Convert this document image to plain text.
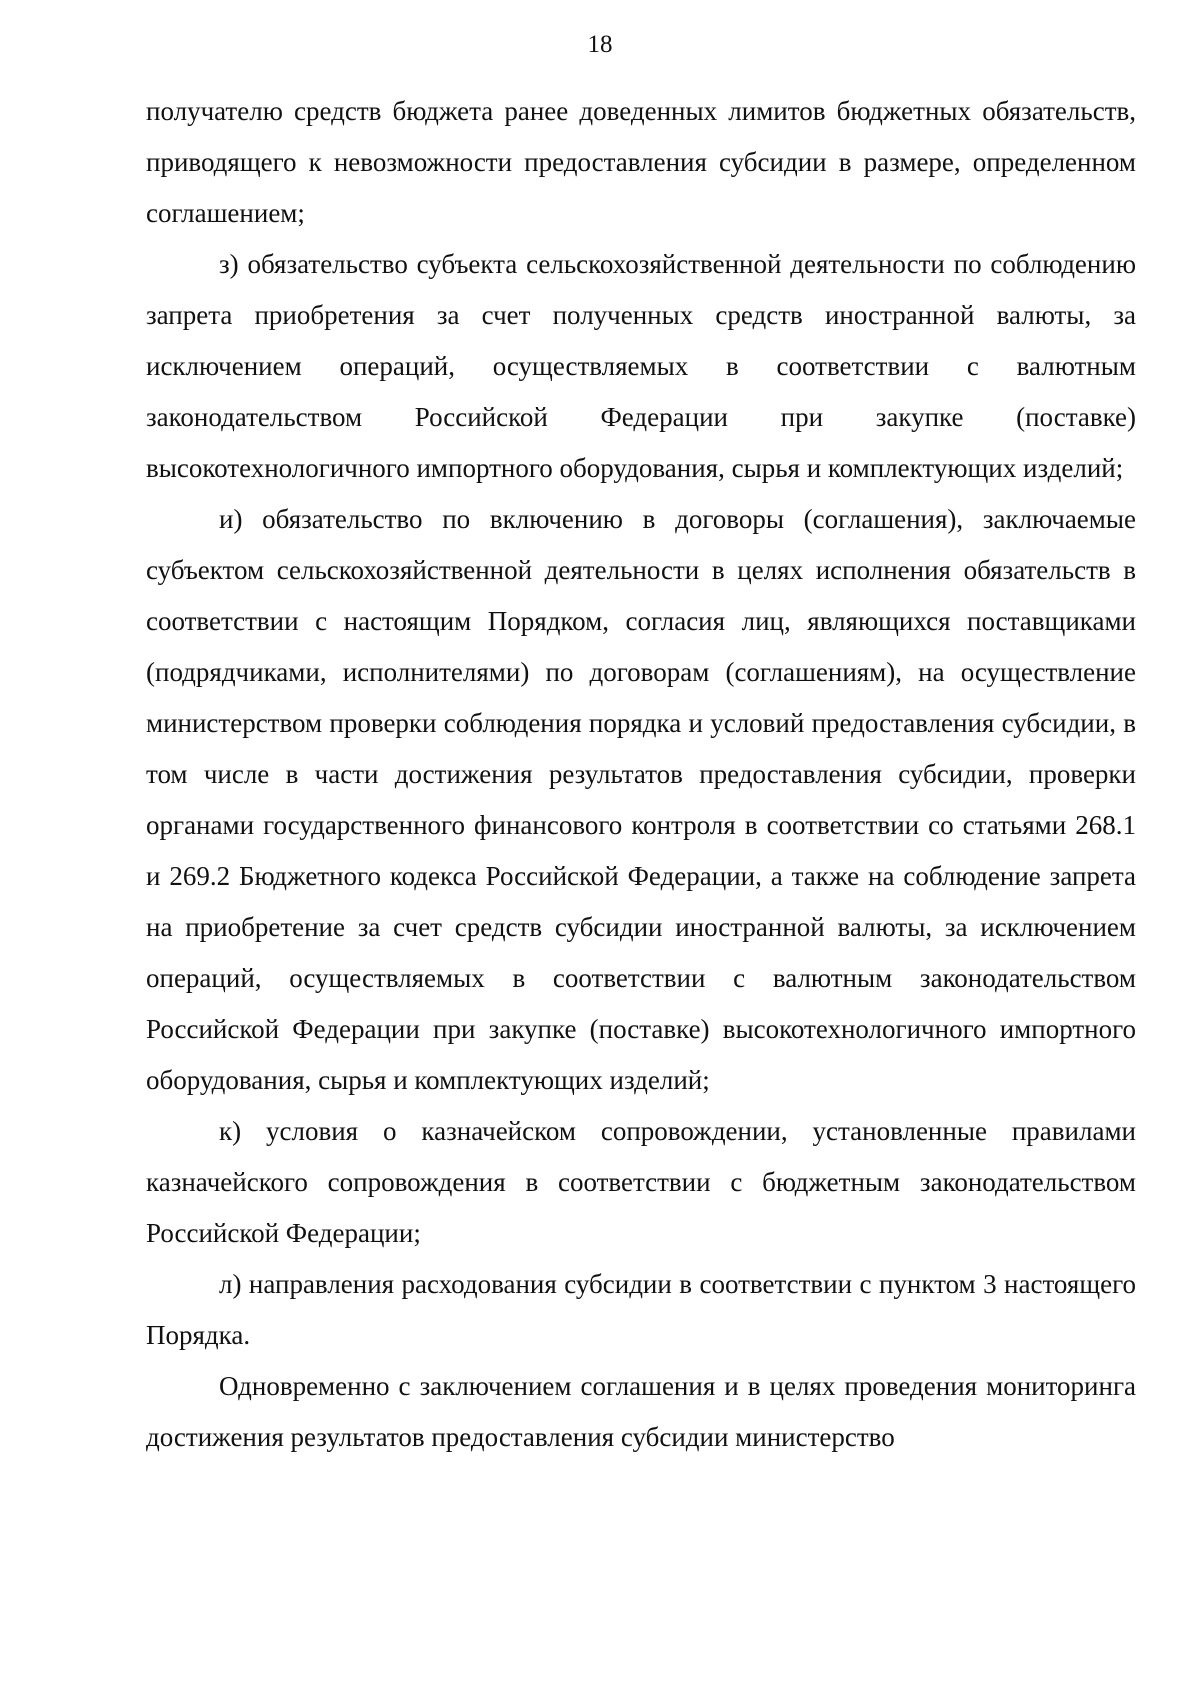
18

получателю средств бюджета ранее доведенных лимитов бюджетных обязательств, приводящего к невозможности предоставления субсидии в размере, определенном соглашением;

з) обязательство субъекта сельскохозяйственной деятельности по соблюдению запрета приобретения за счет полученных средств иностранной валюты, за исключением операций, осуществляемых в соответствии с валютным законодательством Российской Федерации при закупке (поставке) высокотехнологичного импортного оборудования, сырья и комплектующих изделий;

и) обязательство по включению в договоры (соглашения), заключаемые субъектом сельскохозяйственной деятельности в целях исполнения обязательств в соответствии с настоящим Порядком, согласия лиц, являющихся поставщиками (подрядчиками, исполнителями) по договорам (соглашениям), на осуществление министерством проверки соблюдения порядка и условий предоставления субсидии, в том числе в части достижения результатов предоставления субсидии, проверки органами государственного финансового контроля в соответствии со статьями 268.1 и 269.2 Бюджетного кодекса Российской Федерации, а также на соблюдение запрета на приобретение за счет средств субсидии иностранной валюты, за исключением операций, осуществляемых в соответствии с валютным законодательством Российской Федерации при закупке (поставке) высокотехнологичного импортного оборудования, сырья и комплектующих изделий;

к) условия о казначейском сопровождении, установленные правилами казначейского сопровождения в соответствии с бюджетным законодательством Российской Федерации;

л) направления расходования субсидии в соответствии с пунктом 3 настоящего Порядка.

Одновременно с заключением соглашения и в целях проведения мониторинга достижения результатов предоставления субсидии министерство
